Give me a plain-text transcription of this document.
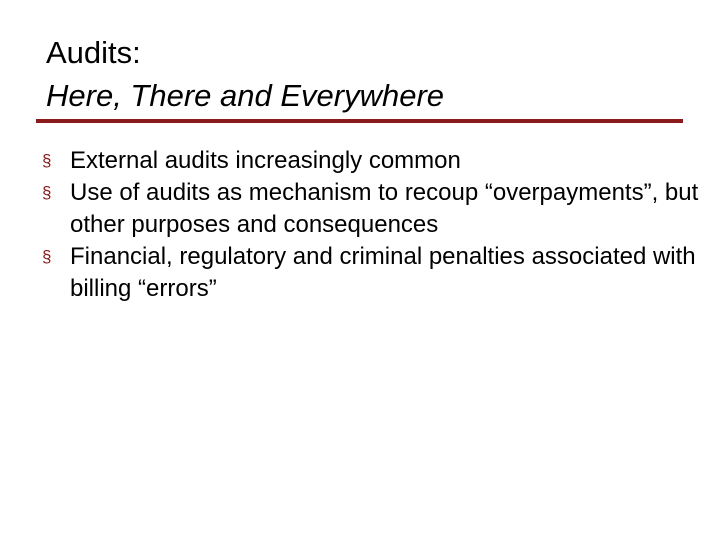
Audits:
Here, There and Everywhere
§ External audits increasingly common
§ Use of audits as mechanism to recoup “overpayments”, but other purposes and consequences
§ Financial, regulatory and criminal penalties associated with billing “errors”
